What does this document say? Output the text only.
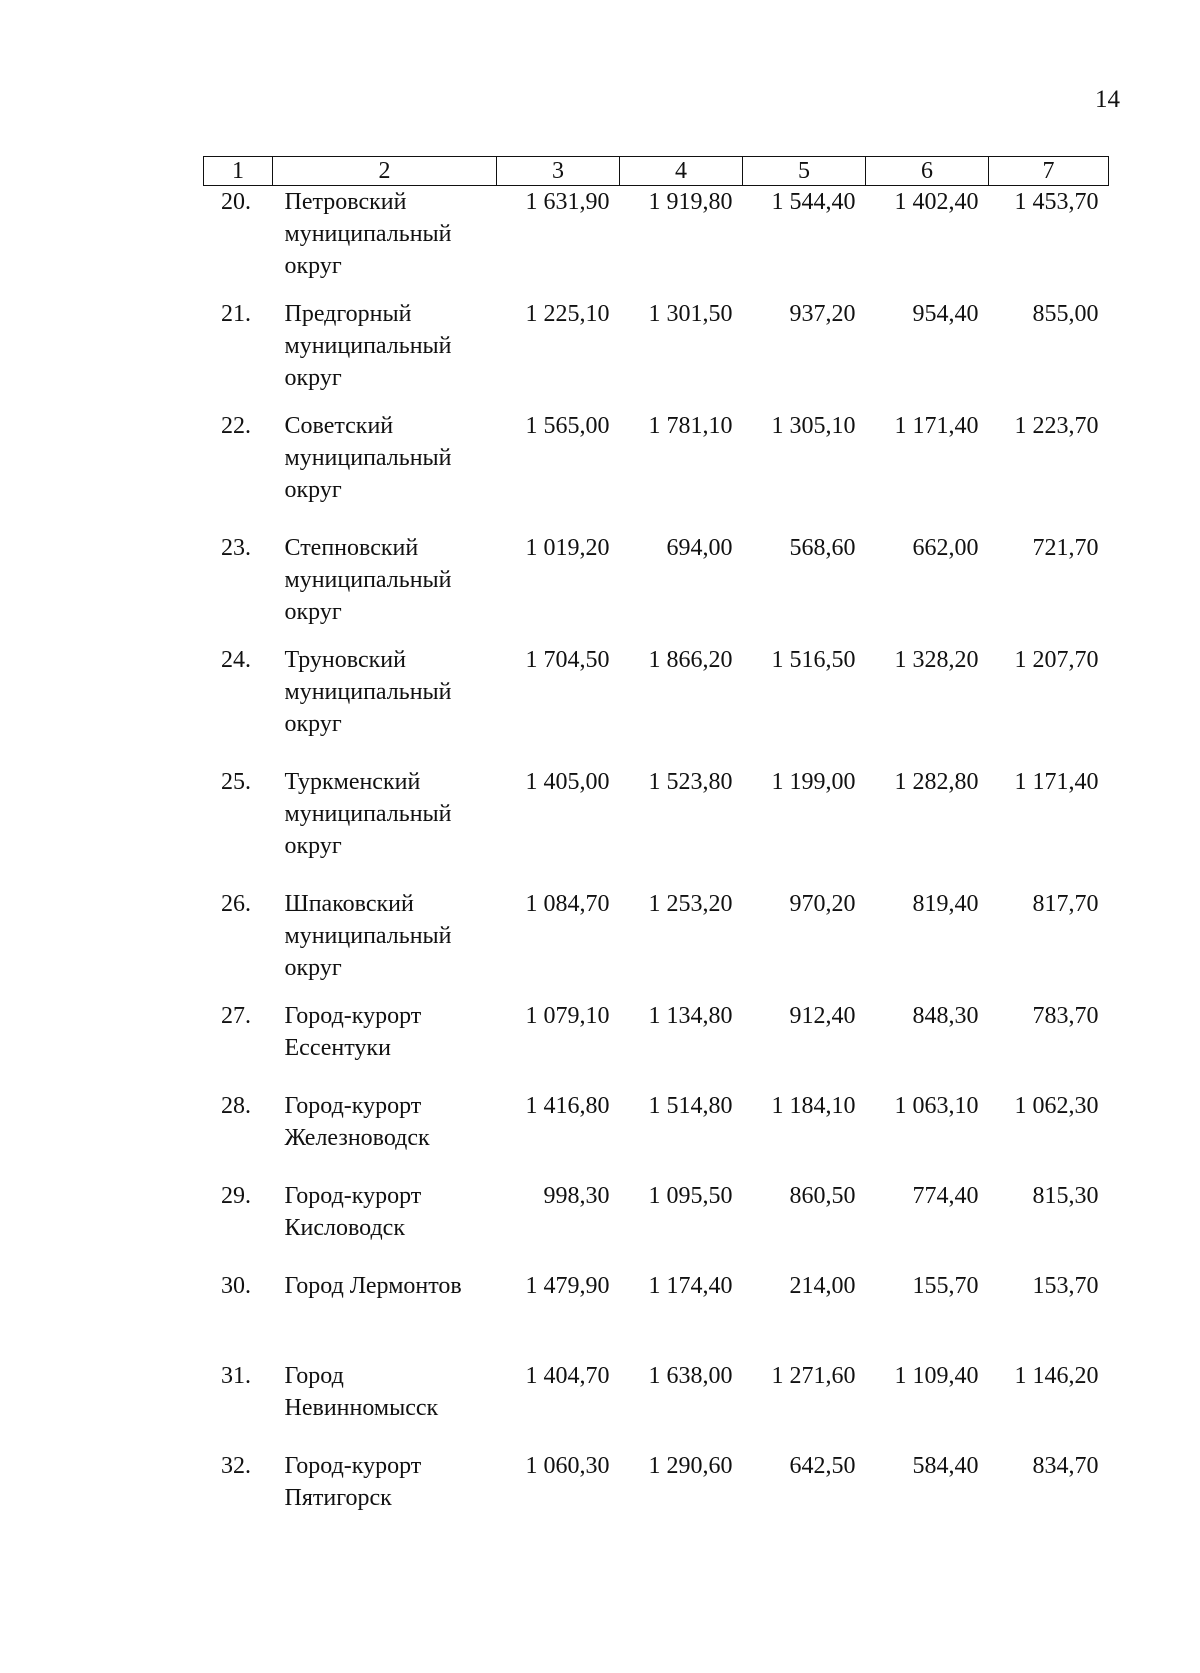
14
1	2	3	4	5	6	7
20.	Петровский муниципальный округ	1 631,90	1 919,80	1 544,40	1 402,40	1 453,70
21.	Предгорный муниципальный округ	1 225,10	1 301,50	937,20	954,40	855,00
22.	Советский муниципальный округ	1 565,00	1 781,10	1 305,10	1 171,40	1 223,70
23.	Степновский муниципальный округ	1 019,20	694,00	568,60	662,00	721,70
24.	Труновский муниципальный округ	1 704,50	1 866,20	1 516,50	1 328,20	1 207,70
25.	Туркменский муниципальный округ	1 405,00	1 523,80	1 199,00	1 282,80	1 171,40
26.	Шпаковский муниципальный округ	1 084,70	1 253,20	970,20	819,40	817,70
27.	Город-курорт Ессентуки	1 079,10	1 134,80	912,40	848,30	783,70
28.	Город-курорт Железноводск	1 416,80	1 514,80	1 184,10	1 063,10	1 062,30
29.	Город-курорт Кисловодск	998,30	1 095,50	860,50	774,40	815,30
30.	Город Лермонтов	1 479,90	1 174,40	214,00	155,70	153,70
31.	Город Невинномысск	1 404,70	1 638,00	1 271,60	1 109,40	1 146,20
32.	Город-курорт Пятигорск	1 060,30	1 290,60	642,50	584,40	834,70
